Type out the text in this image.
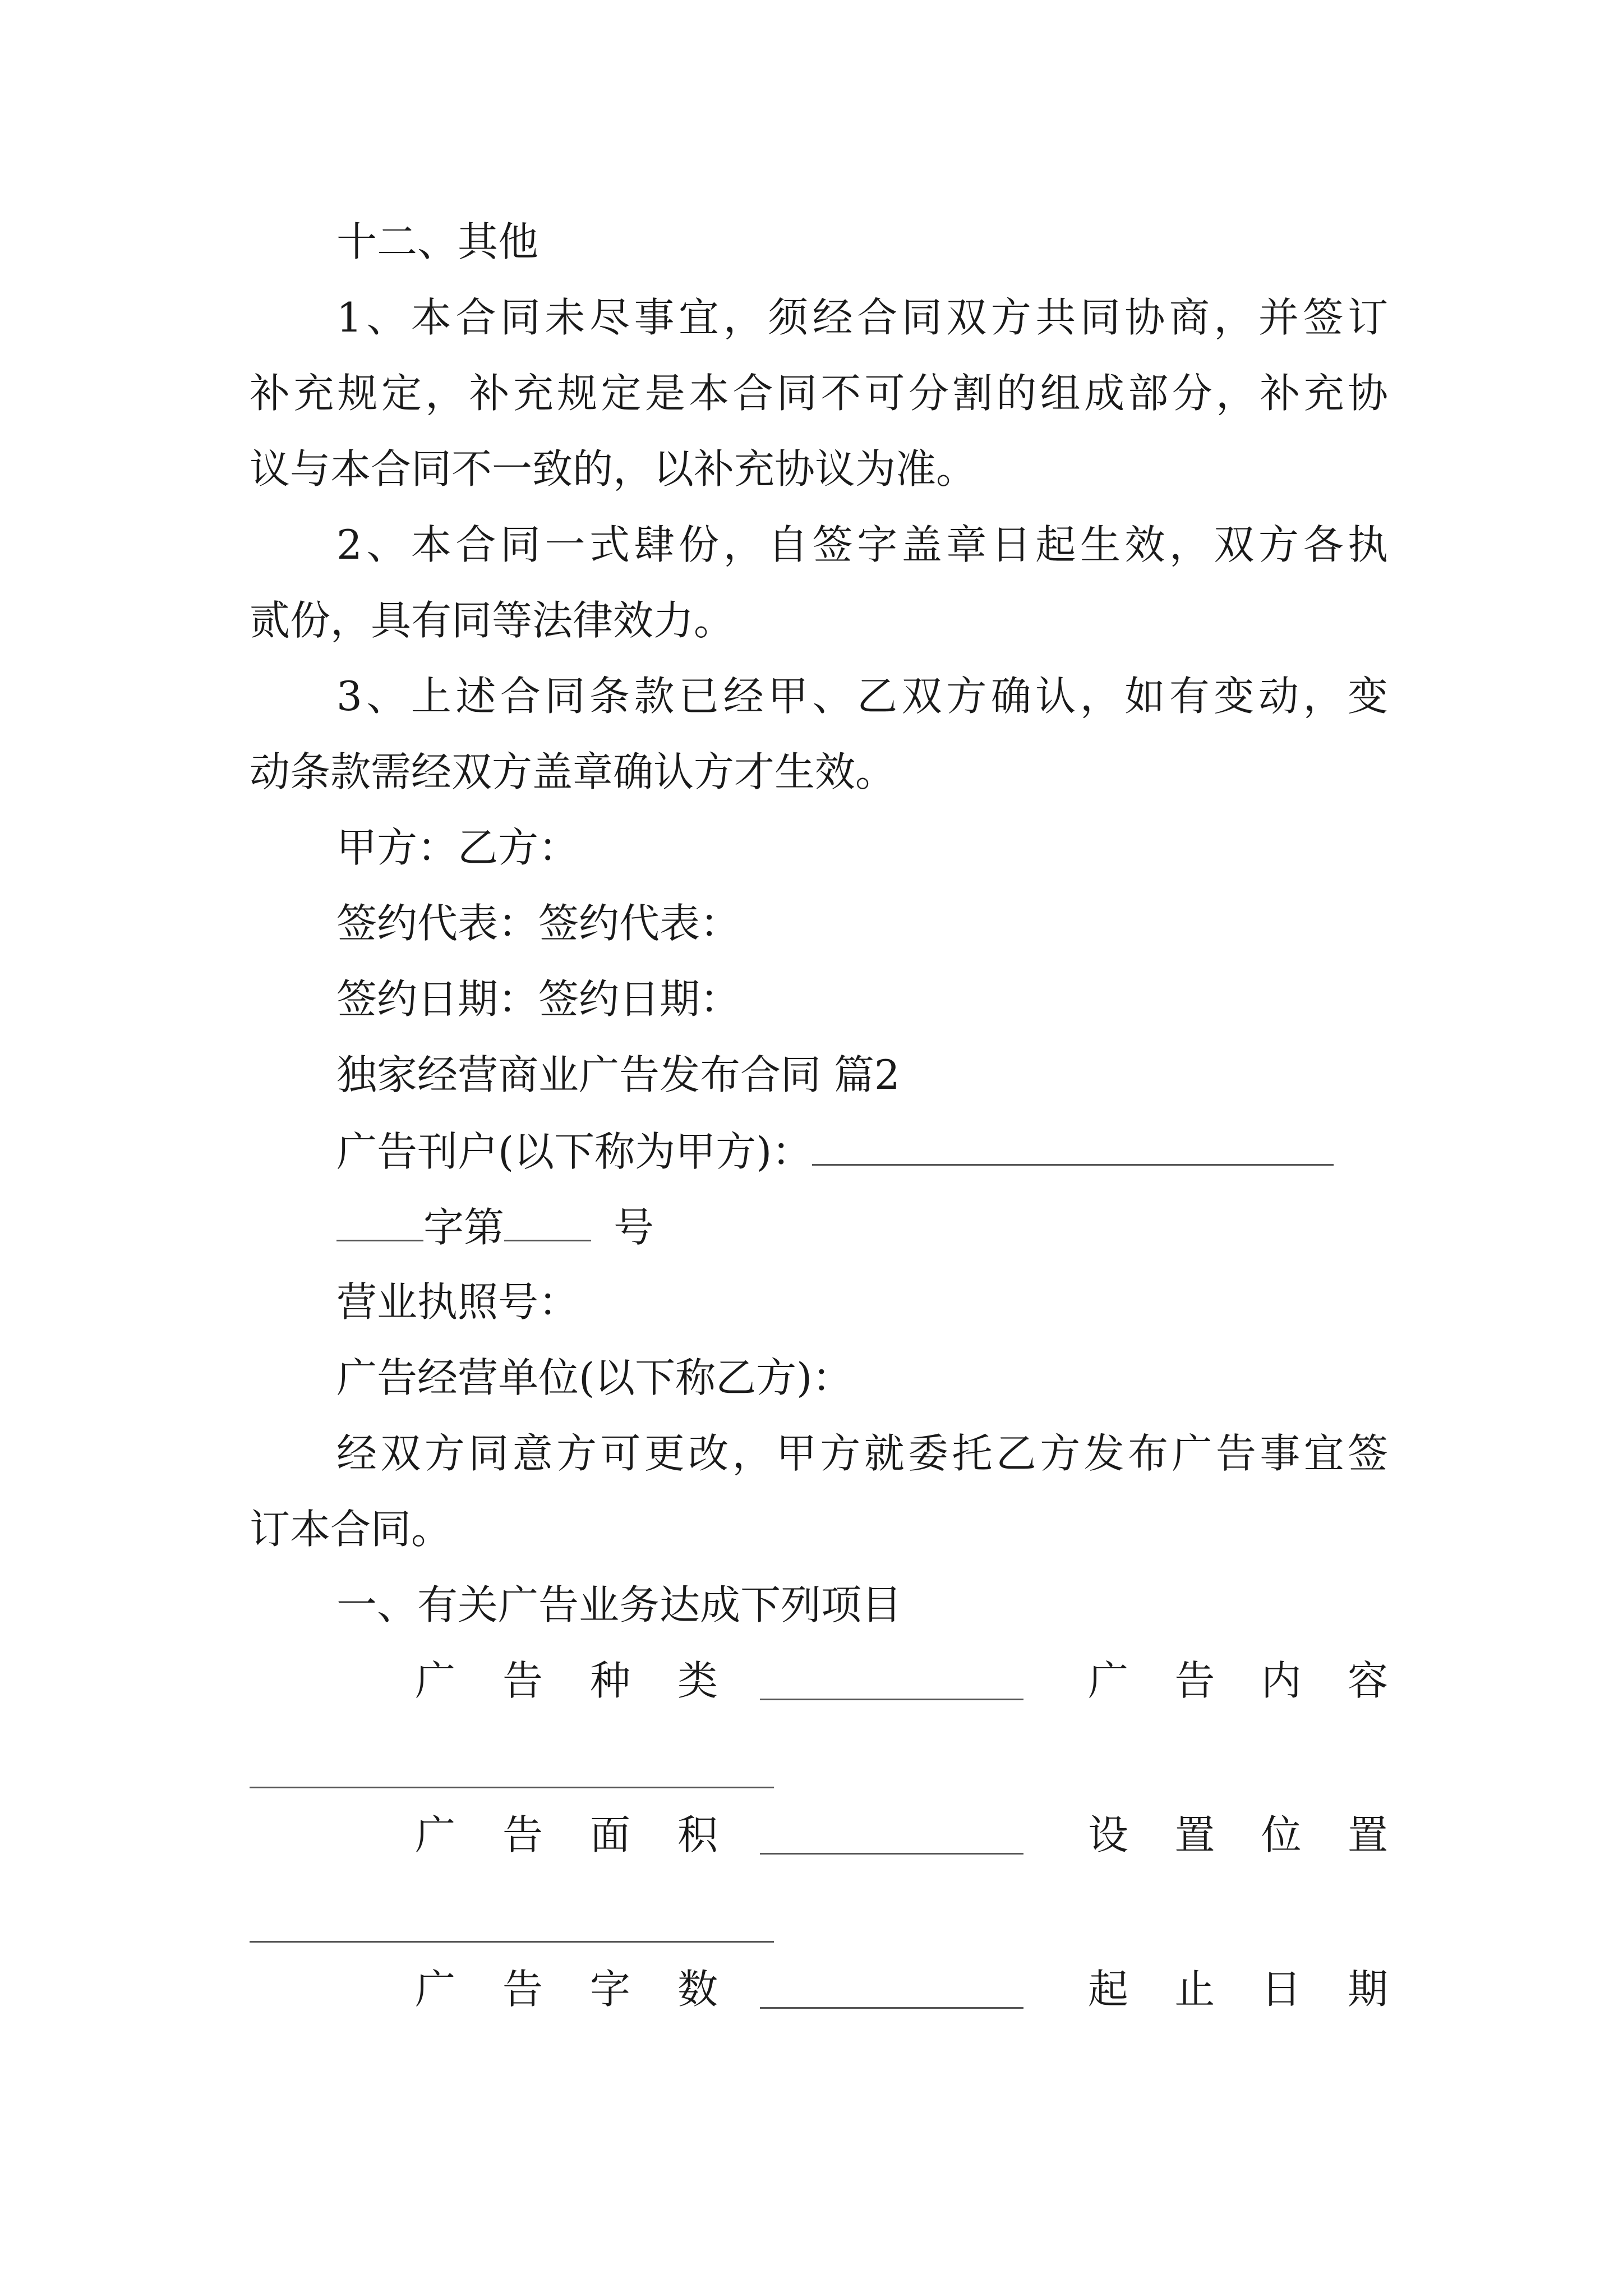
十二、其他
1、本合同未尽事宜，须经合同双方共同协商，并签订
补充规定，补充规定是本合同不可分割的组成部分，补充协
议与本合同不一致的，以补充协议为准。
2、本合同一式肆份，自签字盖章日起生效，双方各执
贰份，具有同等法律效力。
3、上述合同条款已经甲、乙双方确认，如有变动，变
动条款需经双方盖章确认方才生效。
甲方：乙方：
签约代表：签约代表：
签约日期：签约日期：
独家经营商业广告发布合同 篇2
广告刊户(以下称为甲方)：
字第	号
营业执照号：
广告经营单位(以下称乙方)：
经双方同意方可更改，甲方就委托乙方发布广告事宜签
订本合同。
一、有关广告业务达成下列项目
广告种类	广告内容
广告面积	设置位置
广告字数	起止日期
